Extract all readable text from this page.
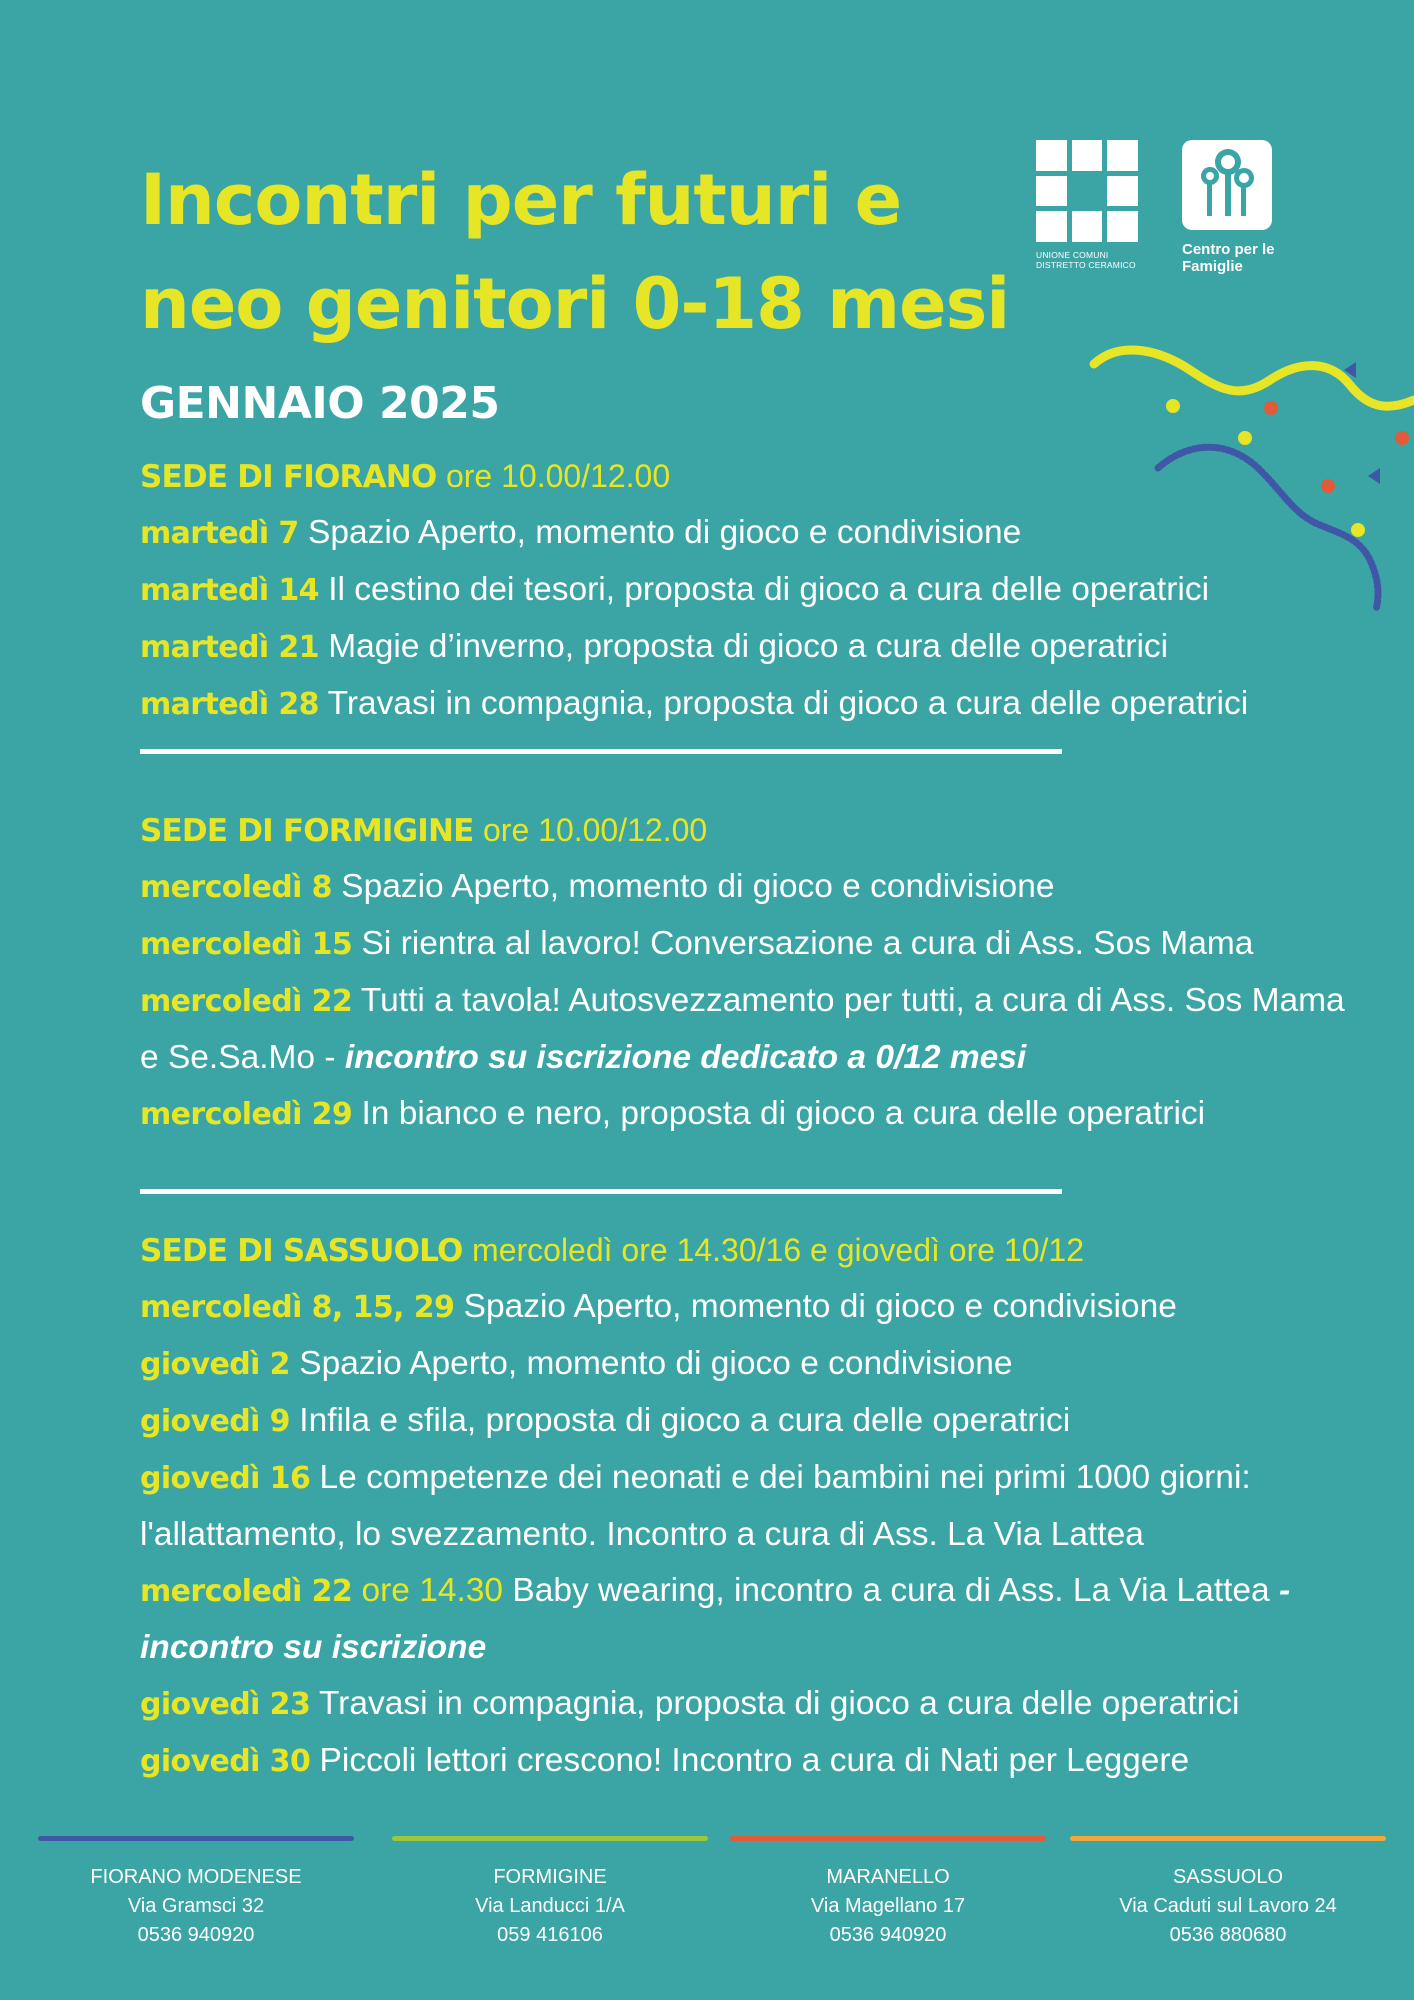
Incontri per futuri e
neo genitori 0-18 mesi
GENNAIO 2025
UNIONE COMUNI
DISTRETTO CERAMICO
Centro per le
Famiglie
SEDE DI FIORANO ore 10.00/12.00
martedì 7 Spazio Aperto, momento di gioco e condivisione
martedì 14 Il cestino dei tesori, proposta di gioco a cura delle operatrici
martedì 21 Magie d’inverno, proposta di gioco a cura delle operatrici
martedì 28 Travasi in compagnia, proposta di gioco a cura delle operatrici
SEDE DI FORMIGINE ore 10.00/12.00
mercoledì 8 Spazio Aperto, momento di gioco e condivisione
mercoledì 15 Si rientra al lavoro! Conversazione a cura di Ass. Sos Mama
mercoledì 22 Tutti a tavola! Autosvezzamento per tutti, a cura di Ass. Sos Mama e Se.Sa.Mo - incontro su iscrizione dedicato a 0/12 mesi
mercoledì 29 In bianco e nero, proposta di gioco a cura delle operatrici
SEDE DI SASSUOLO mercoledì ore 14.30/16 e giovedì ore 10/12
mercoledì 8, 15, 29 Spazio Aperto, momento di gioco e condivisione
giovedì 2 Spazio Aperto, momento di gioco e condivisione
giovedì 9 Infila e sfila, proposta di gioco a cura delle operatrici
giovedì 16 Le competenze dei neonati e dei bambini nei primi 1000 giorni: l'allattamento, lo svezzamento. Incontro a cura di Ass. La Via Lattea
mercoledì 22 ore 14.30 Baby wearing, incontro a cura di Ass. La Via Lattea - incontro su iscrizione
giovedì 23 Travasi in compagnia, proposta di gioco a cura delle operatrici
giovedì 30 Piccoli lettori crescono! Incontro a cura di Nati per Leggere
FIORANO MODENESE
Via Gramsci 32
0536 940920
FORMIGINE
Via Landucci 1/A
059 416106
MARANELLO
Via Magellano 17
0536 940920
SASSUOLO
Via Caduti sul Lavoro 24
0536 880680
